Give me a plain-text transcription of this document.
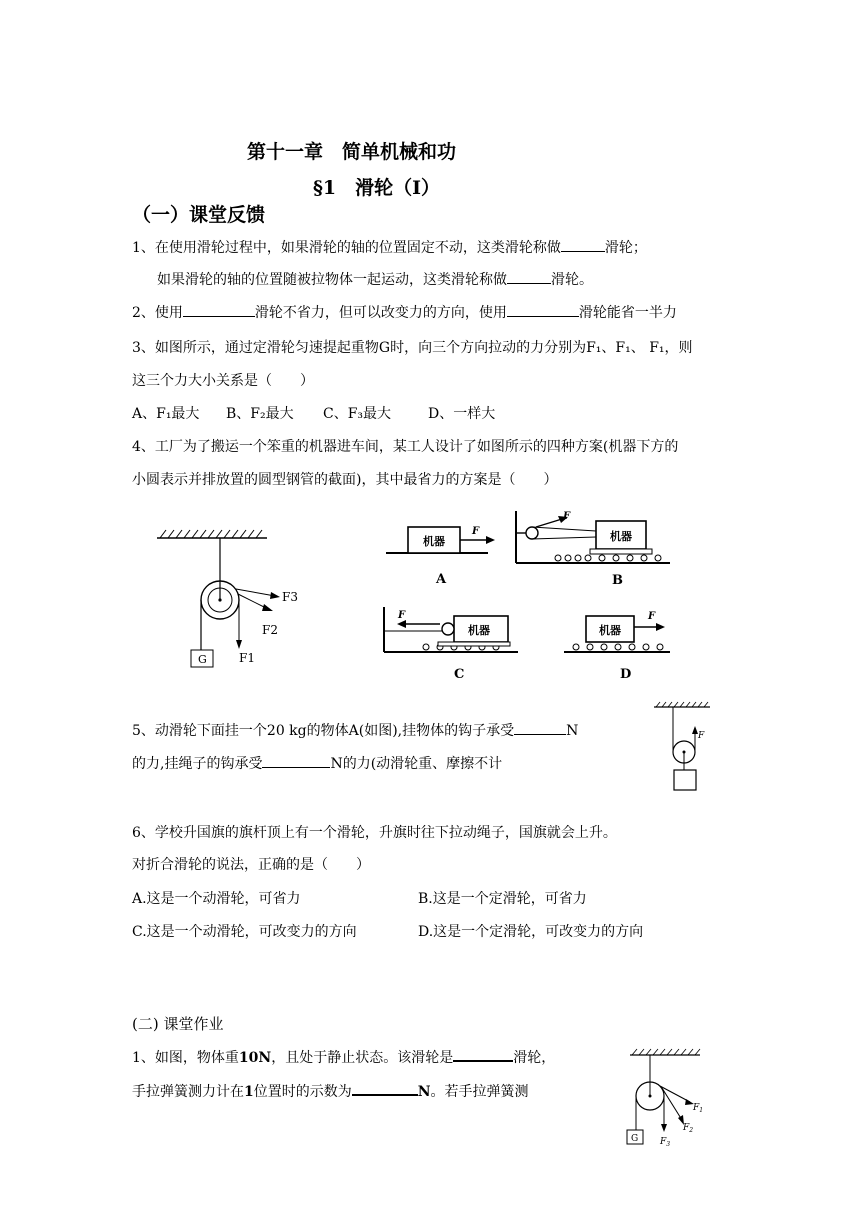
第十一章　简单机械和功
§1　滑轮（Ⅰ）
（一）课堂反馈
1、在使用滑轮过程中，如果滑轮的轴的位置固定不动，这类滑轮称做	滑轮；
如果滑轮的轴的位置随被拉物体一起运动，这类滑轮称做	滑轮。
2、使用	滑轮不省力，但可以改变力的方向，使用	滑轮能省一半力
3、如图所示，通过定滑轮匀速提起重物G时，向三个方向拉动的力分别为F₁、F₁、 F₁，则
这三个力大小关系是（　　）
A、F₁最大 B、F₂最大 C、F₃最大	D、一样大
4、工厂为了搬运一个笨重的机器进车间，某工人设计了如图所示的四种方案(机器下方的
小圆表示并排放置的圆型钢管的截面)，其中最省力的方案是（　　）
G
F3
F2
F1
机器
F
A
机器
F
B
机器
F
C
机器
F
D
5、动滑轮下面挂一个20 kg的物体A(如图),挂物体的钩子承受	N
的力,挂绳子的钩承受	N的力(动滑轮重、摩擦不计
F
6、学校升国旗的旗杆顶上有一个滑轮，升旗时往下拉动绳子，国旗就会上升。
对折合滑轮的说法，正确的是（　　）
A.这是一个动滑轮，可省力	B.这是一个定滑轮，可省力
C.这是一个动滑轮，可改变力的方向	D.这是一个定滑轮，可改变力的方向
(二) 课堂作业
1、如图，物体重10N，且处于静止状态。该滑轮是	滑轮，
手拉弹簧测力计在1位置时的示数为	N。若手拉弹簧测
G
$F_1$
$F_2$
$F_3$
